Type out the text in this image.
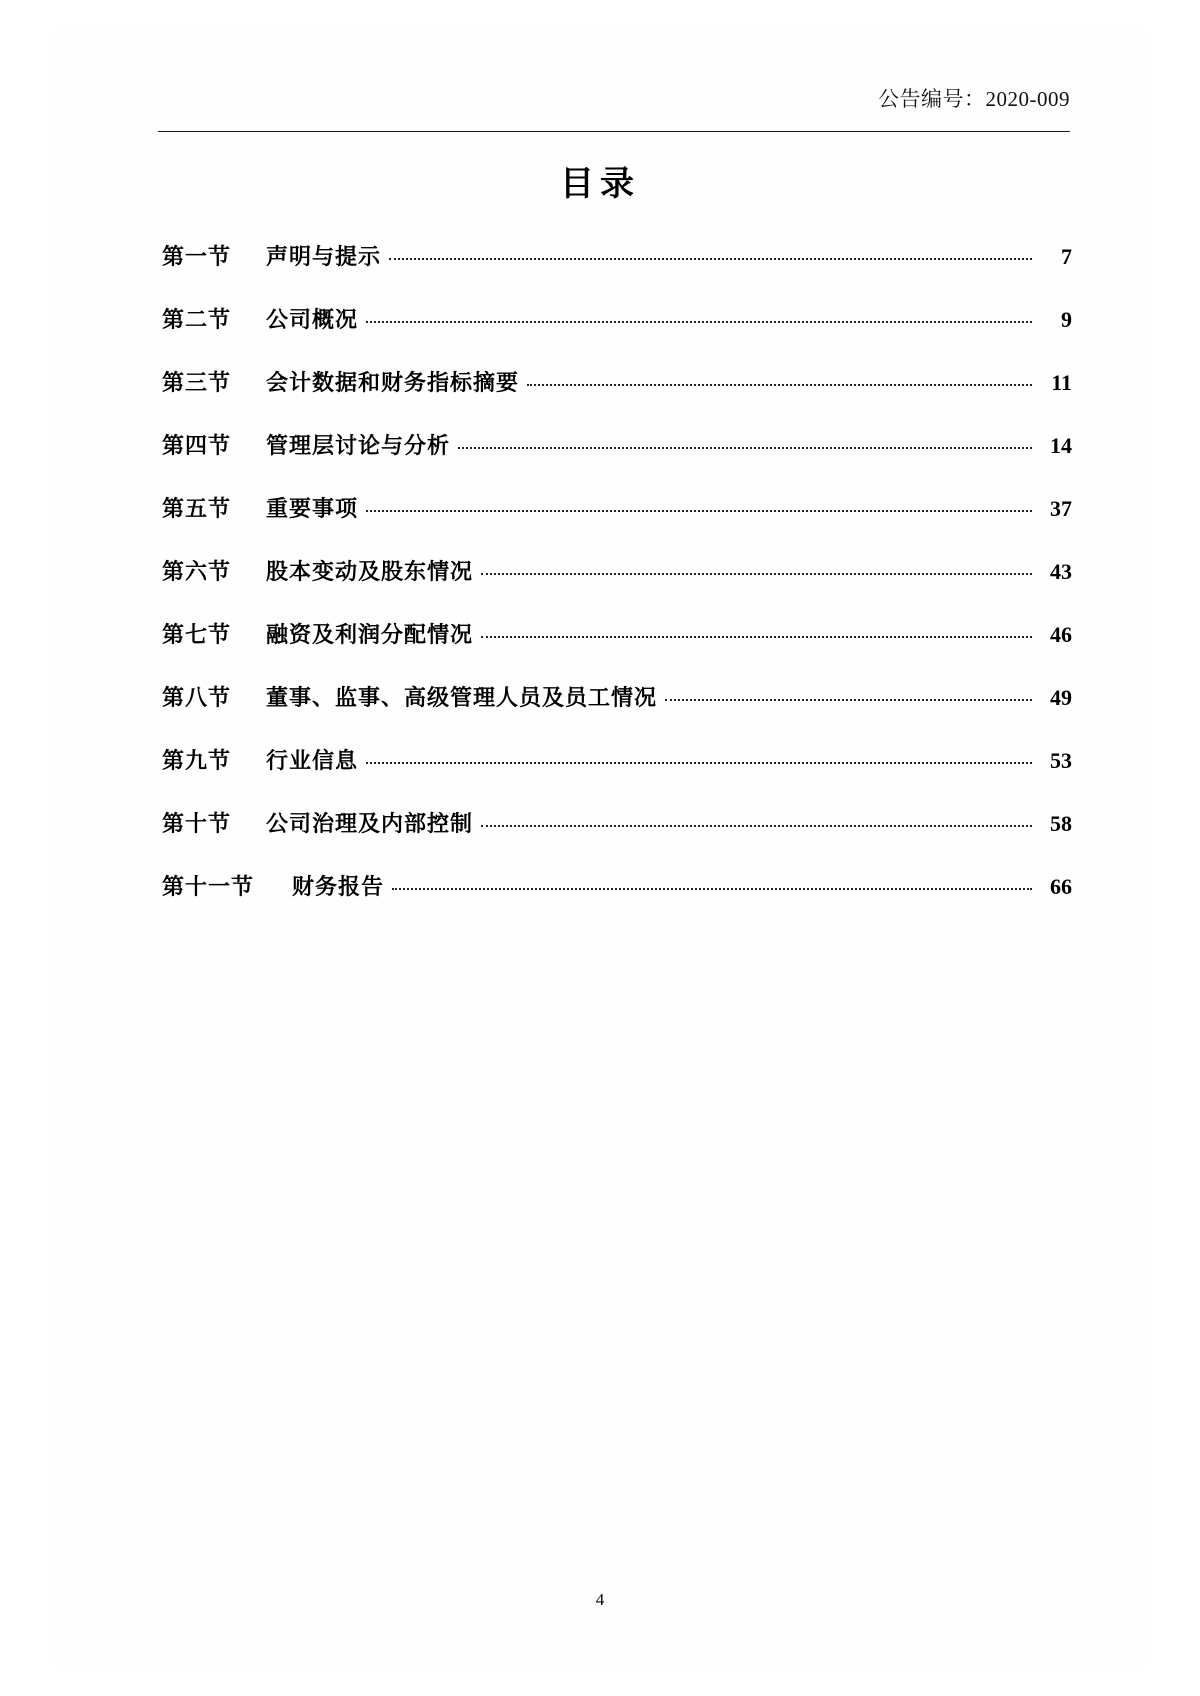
公告编号：2020-009
目录
第一节	声明与提示	7
第二节	公司概况	9
第三节	会计数据和财务指标摘要	11
第四节	管理层讨论与分析	14
第五节	重要事项	37
第六节	股本变动及股东情况	43
第七节	融资及利润分配情况	46
第八节	董事、监事、高级管理人员及员工情况	49
第九节	行业信息	53
第十节	公司治理及内部控制	58
第十一节	财务报告	66
4
